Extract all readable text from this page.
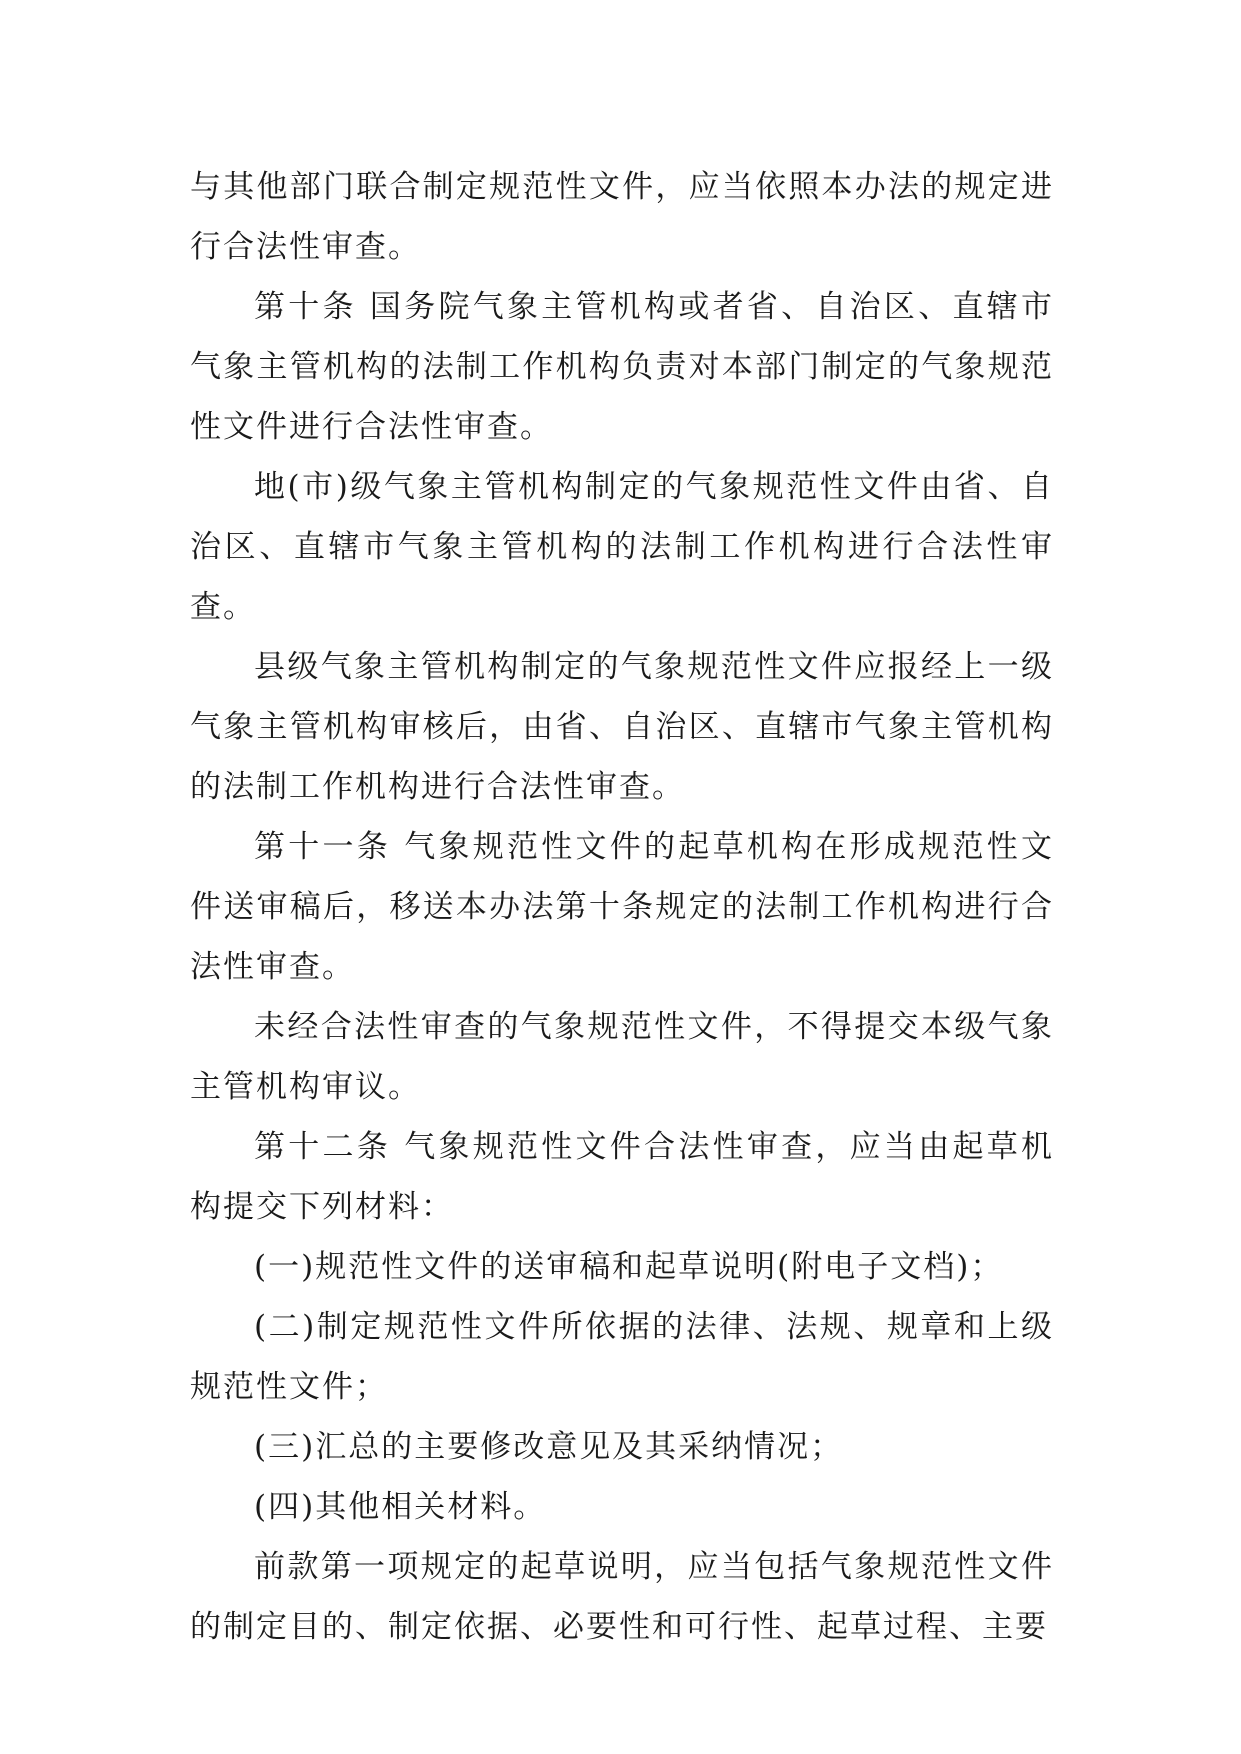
与其他部门联合制定规范性文件，应当依照本办法的规定进行合法性审查。

第十条 国务院气象主管机构或者省、自治区、直辖市气象主管机构的法制工作机构负责对本部门制定的气象规范性文件进行合法性审查。

地(市)级气象主管机构制定的气象规范性文件由省、自治区、直辖市气象主管机构的法制工作机构进行合法性审查。

县级气象主管机构制定的气象规范性文件应报经上一级气象主管机构审核后，由省、自治区、直辖市气象主管机构的法制工作机构进行合法性审查。

第十一条 气象规范性文件的起草机构在形成规范性文件送审稿后，移送本办法第十条规定的法制工作机构进行合法性审查。

未经合法性审查的气象规范性文件，不得提交本级气象主管机构审议。

第十二条 气象规范性文件合法性审查，应当由起草机构提交下列材料：

(一)规范性文件的送审稿和起草说明(附电子文档)；

(二)制定规范性文件所依据的法律、法规、规章和上级规范性文件；

(三)汇总的主要修改意见及其采纳情况；

(四)其他相关材料。

前款第一项规定的起草说明，应当包括气象规范性文件的制定目的、制定依据、必要性和可行性、起草过程、主要
